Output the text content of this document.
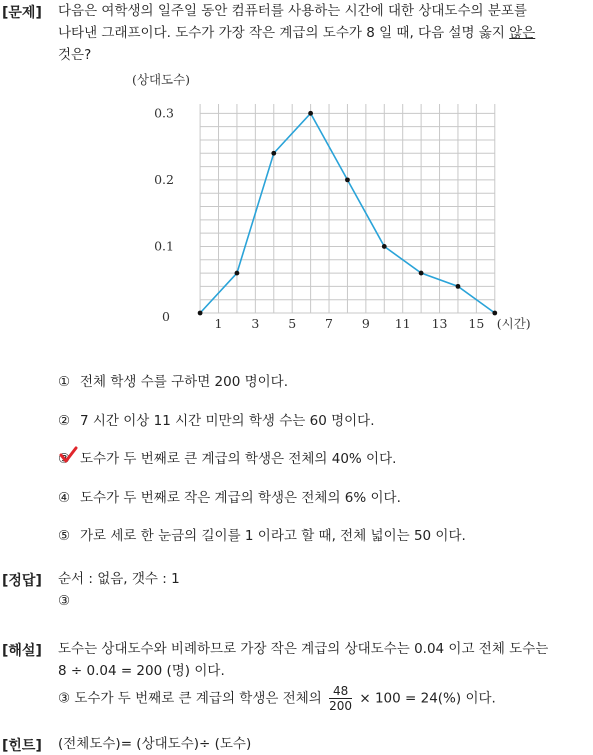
[문제] 다음은 여학생의 일주일 동안 컴퓨터를 사용하는 시간에 대한 상대도수의 분포를
나타낸 그래프이다. 도수가 가장 작은 계급의 도수가 8 일 때, 다음 설명 옳지 않은
것은?
0.1
0.2
0.3
0	1 3 5 7 9 11 13 15
(상대도수)
(시간)
① 전체 학생 수를 구하면 200 명이다.
② 7 시간 이상 11 시간 미만의 학생 수는 60 명이다.
③ 도수가 두 번째로 큰 계급의 학생은 전체의 40% 이다.
④ 도수가 두 번째로 작은 계급의 학생은 전체의 6% 이다.
⑤ 가로 세로 한 눈금의 길이를 1 이라고 할 때, 전체 넓이는 50 이다.
[정답] 순서 : 없음, 갯수 : 1
③
[해설] 도수는 상대도수와 비례하므로 가장 작은 계급의 상대도수는 0.04 이고 전체 도수는
8 ÷ 0.04 = 200 (명) 이다.
③ 도수가 두 번째로 큰 계급의 학생은 전체의 $\frac{48}{200} \times 100 = 24(\%)$ 이다.
[힌트] (전체도수)= (상대도수)÷ (도수)
